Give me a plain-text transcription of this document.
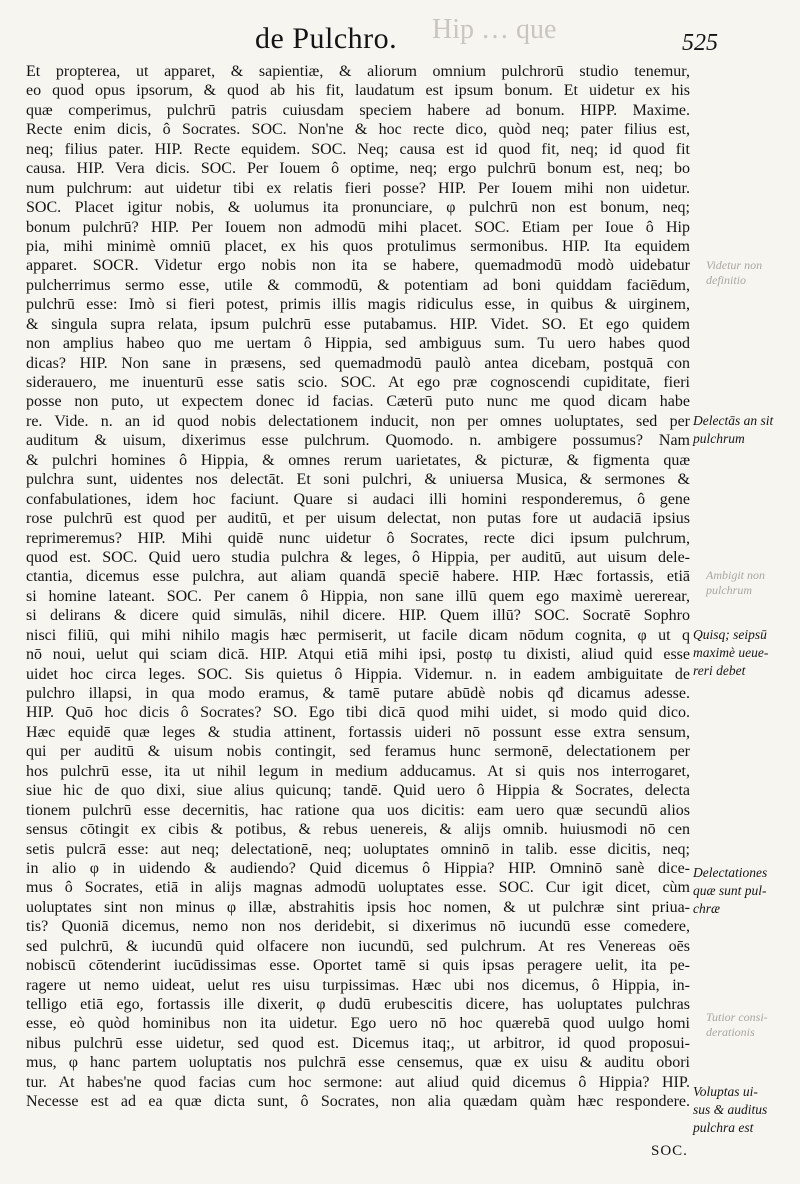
Hip … que
de Pulchro.	525
Et propterea, ut apparet, & sapientiæ, & aliorum omnium pulchrorū studio tenemur,
eo quod opus ipsorum, & quod ab his fit, laudatum est ipsum bonum. Et uidetur ex his
quæ comperimus, pulchrū patris cuiusdam speciem habere ad bonum. HIPP. Maxime.
Recte enim dicis, ô Socrates. SOC. Non'ne & hoc recte dico, quòd neq; pater filius est,
neq; filius pater. HIP. Recte equidem. SOC. Neq; causa est id quod fit, neq; id quod fit
causa. HIP. Vera dicis. SOC. Per Iouem ô optime, neq; ergo pulchrū bonum est, neq; bo
num pulchrum: aut uidetur tibi ex relatis fieri posse? HIP. Per Iouem mihi non uidetur.
SOC. Placet igitur nobis, & uolumus ita pronunciare, φ pulchrū non est bonum, neq;
bonum pulchrū? HIP. Per Iouem non admodū mihi placet. SOC. Etiam per Ioue ô Hip
pia, mihi minimè omniū placet, ex his quos protulimus sermonibus. HIP. Ita equidem
apparet. SOCR. Videtur ergo nobis non ita se habere, quemadmodū modò uidebatur
pulcherrimus sermo esse, utile & commodū, & potentiam ad boni quiddam faciēdum,
pulchrū esse: Imò si fieri potest, primis illis magis ridiculus esse, in quibus & uirginem,
& singula supra relata, ipsum pulchrū esse putabamus. HIP. Videt. SO. Et ego quidem
non amplius habeo quo me uertam ô Hippia, sed ambiguus sum. Tu uero habes quod
dicas? HIP. Non sane in præsens, sed quemadmodū paulò antea dicebam, postquā con
siderauero, me inuenturū esse satis scio. SOC. At ego præ cognoscendi cupiditate, fieri
posse non puto, ut expectem donec id facias. Cæterū puto nunc me quod dicam habe
re. Vide. n. an id quod nobis delectationem inducit, non per omnes uoluptates, sed per
auditum & uisum, dixerimus esse pulchrum. Quomodo. n. ambigere possumus? Nam
& pulchri homines ô Hippia, & omnes rerum uarietates, & picturæ, & figmenta quæ
pulchra sunt, uidentes nos delectāt. Et soni pulchri, & uniuersa Musica, & sermones &
confabulationes, idem hoc faciunt. Quare si audaci illi homini responderemus, ô gene
rose pulchrū est quod per auditū, et per uisum delectat, non putas fore ut audaciā ipsius
reprimeremus? HIP. Mihi quidē nunc uidetur ô Socrates, recte dici ipsum pulchrum,
quod est. SOC. Quid uero studia pulchra & leges, ô Hippia, per auditū, aut uisum dele-
ctantia, dicemus esse pulchra, aut aliam quandā speciē habere. HIP. Hæc fortassis, etiā
si homine lateant. SOC. Per canem ô Hippia, non sane illū quem ego maximè uererear,
si delirans & dicere quid simulās, nihil dicere. HIP. Quem illū? SOC. Socratē Sophro
nisci filiū, qui mihi nihilo magis hæc permiserit, ut facile dicam nōdum cognita, φ ut q
nō noui, uelut qui sciam dicā. HIP. Atqui etiā mihi ipsi, postφ tu dixisti, aliud quid esse
uidet hoc circa leges. SOC. Sis quietus ô Hippia. Videmur. n. in eadem ambiguitate de
pulchro illapsi, in qua modo eramus, & tamē putare abūdè nobis qđ dicamus adesse.
HIP. Quō hoc dicis ô Socrates? SO. Ego tibi dicā quod mihi uidet, si modo quid dico.
Hæc equidē quæ leges & studia attinent, fortassis uideri nō possunt esse extra sensum,
qui per auditū & uisum nobis contingit, sed feramus hunc sermonē, delectationem per
hos pulchrū esse, ita ut nihil legum in medium adducamus. At si quis nos interrogaret,
siue hic de quo dixi, siue alius quicunq; tandē. Quid uero ô Hippia & Socrates, delecta
tionem pulchrū esse decernitis, hac ratione qua uos dicitis: eam uero quæ secundū alios
sensus cōtingit ex cibis & potibus, & rebus uenereis, & alijs omnib. huiusmodi nō cen
setis pulcrā esse: aut neq; delectationē, neq; uoluptates omninō in talib. esse dicitis, neq;
in alio φ in uidendo & audiendo? Quid dicemus ô Hippia? HIP. Omninō sanè dice-
mus ô Socrates, etiā in alijs magnas admodū uoluptates esse. SOC. Cur igit dicet, cùm
uoluptates sint non minus φ illæ, abstrahitis ipsis hoc nomen, & ut pulchræ sint priua-
tis? Quoniā dicemus, nemo non nos deridebit, si dixerimus nō iucundū esse comedere,
sed pulchrū, & iucundū quid olfacere non iucundū, sed pulchrum. At res Venereas oēs
nobiscū cōtenderint iucūdissimas esse. Oportet tamē si quis ipsas peragere uelit, ita pe-
ragere ut nemo uideat, uelut res uisu turpissimas. Hæc ubi nos dicemus, ô Hippia, in-
telligo etiā ego, fortassis ille dixerit, φ dudū erubescitis dicere, has uoluptates pulchras
esse, eò quòd hominibus non ita uidetur. Ego uero nō hoc quærebā quod uulgo homi
nibus pulchrū esse uidetur, sed quod est. Dicemus itaq;, ut arbitror, id quod proposui-
mus, φ hanc partem uoluptatis nos pulchrā esse censemus, quæ ex uisu & auditu obori
tur. At habes'ne quod facias cum hoc sermone: aut aliud quid dicemus ô Hippia? HIP.
Necesse est ad ea quæ dicta sunt, ô Socrates, non alia quædam quàm hæc respondere.
Delectās an sit
pulchrum
Quisq; seipsū
maximè ueue-
reri debet
Delectationes
quæ sunt pul-
chræ
Voluptas ui-
sus & auditus
pulchra est
Videtur non
definitio
Ambigit non
pulchrum
Tutior consi-
derationis
SOC.
